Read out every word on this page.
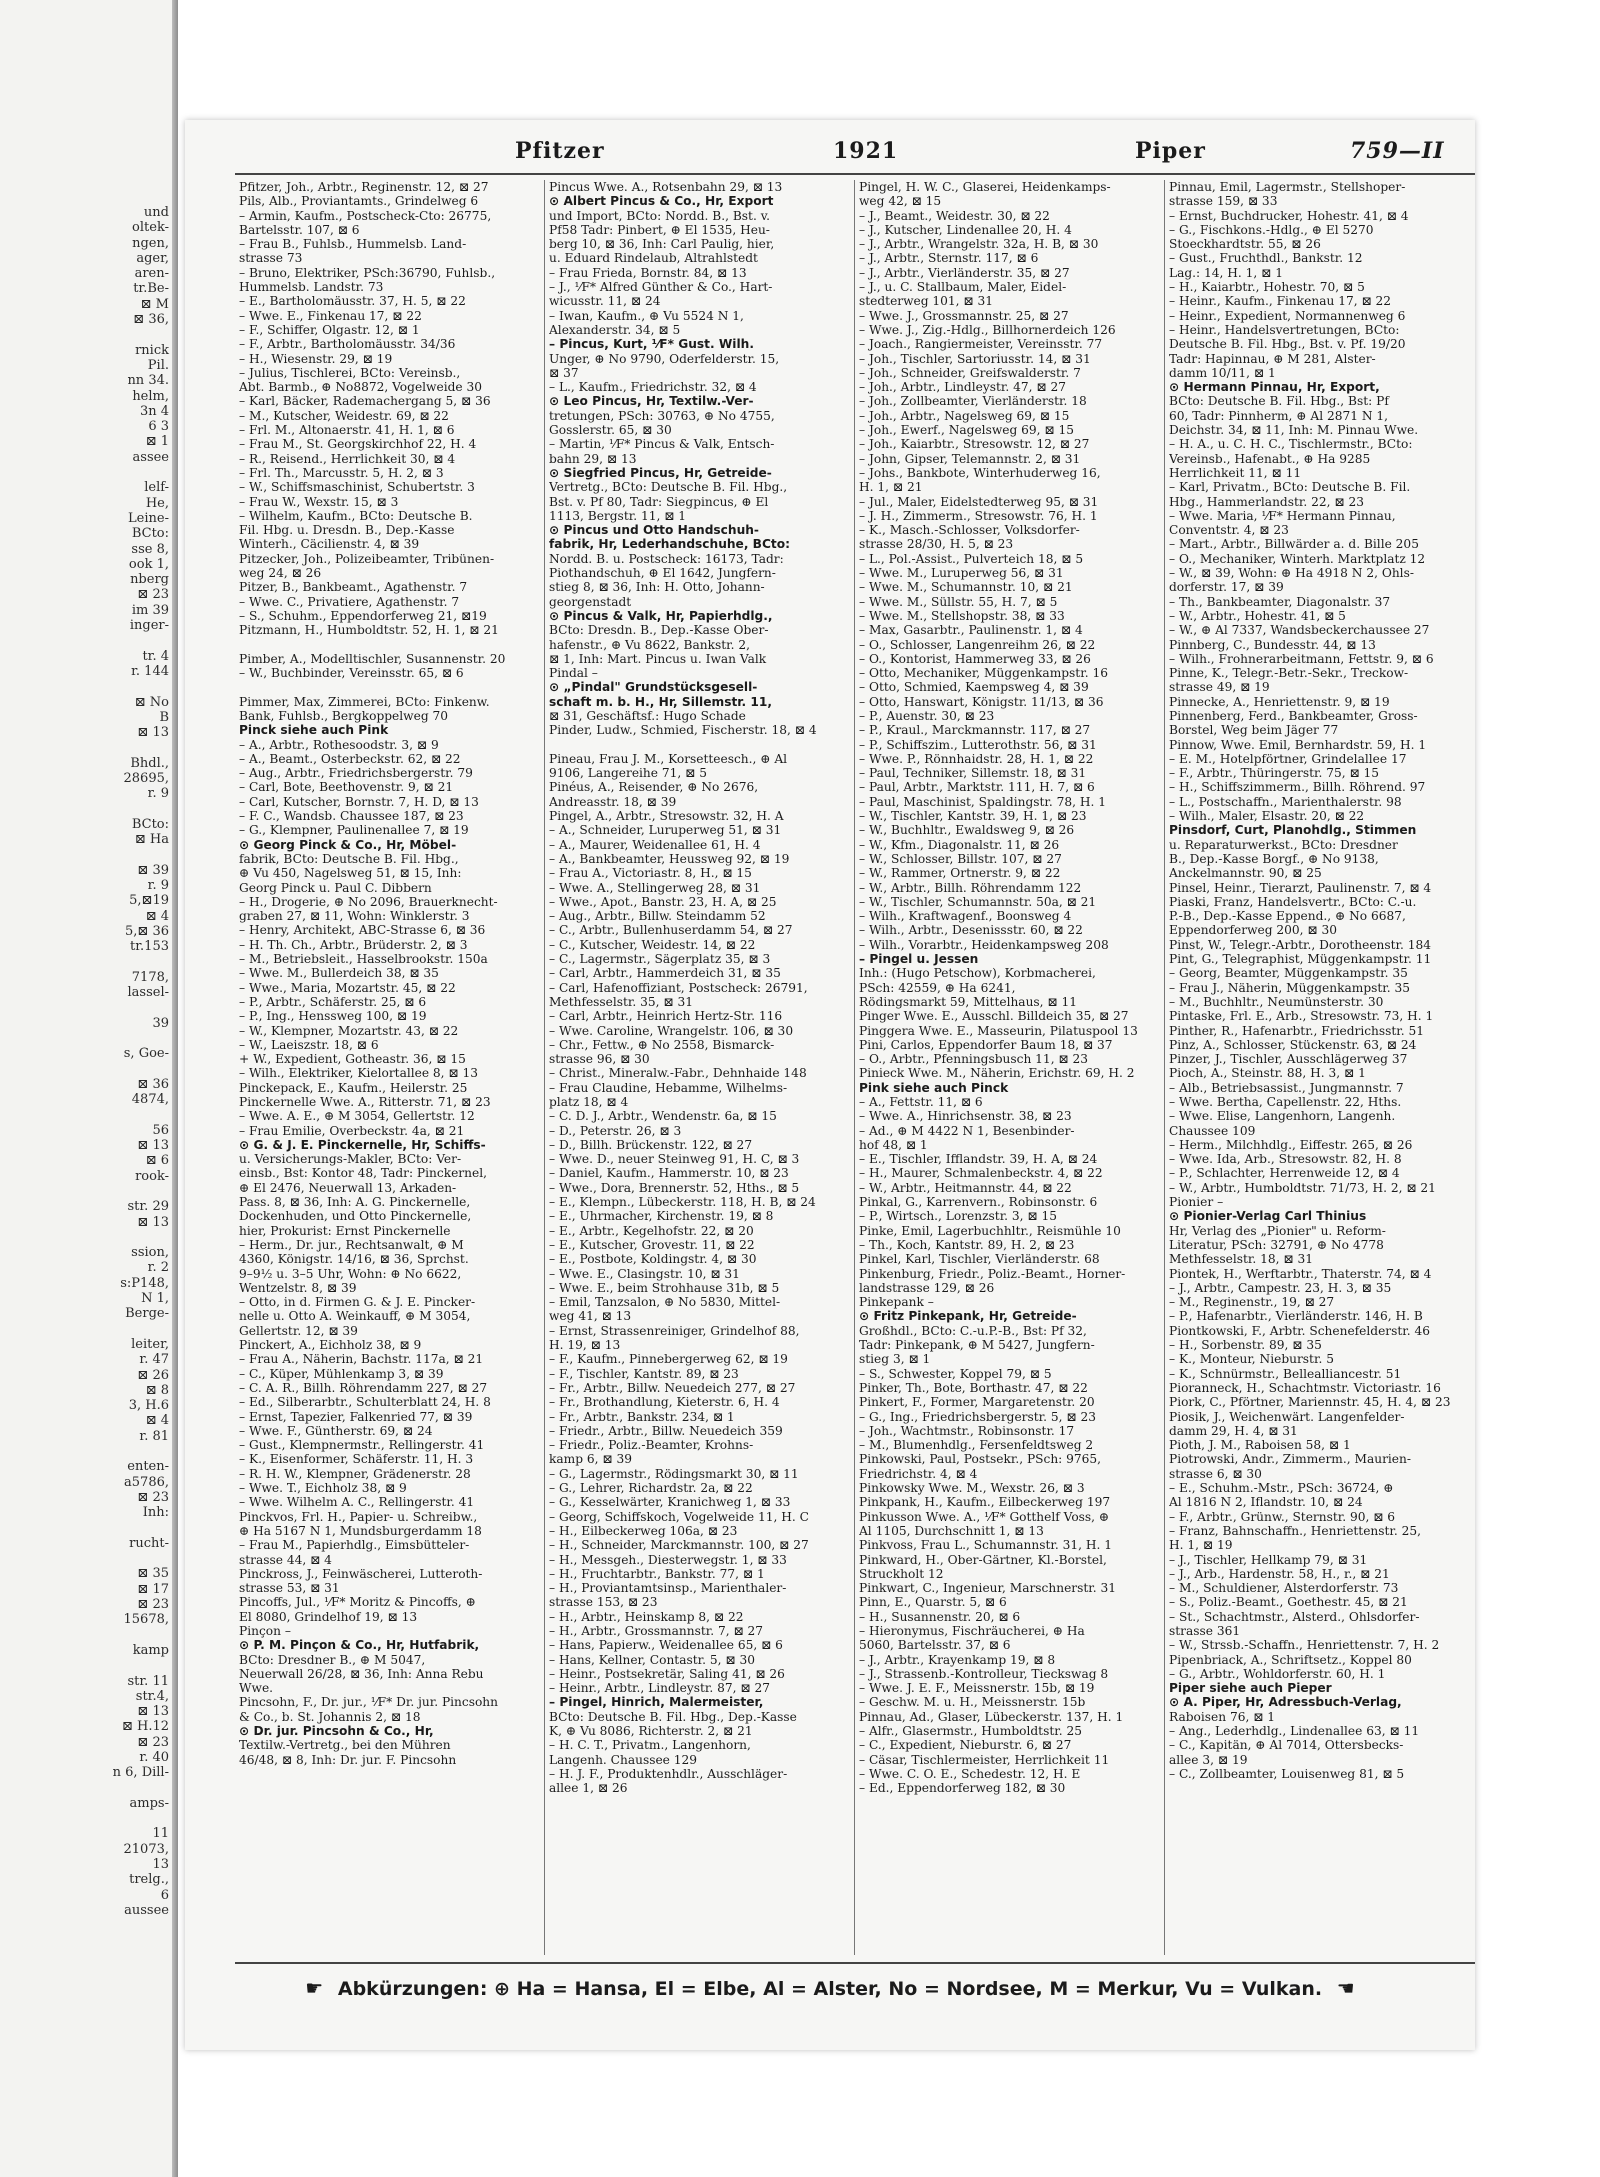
und
oltek-
ngen,
ager,
aren-
tr.Be-
⊠ M
⊠ 36,

rnick
Pil.
nn 34.
helm,
3n 4
6 3
⊠ 1
assee

lelf-
He,
Leine-
BCto:
sse 8,
ook 1,
nberg
⊠ 23
im 39
inger-

tr. 4
r. 144

⊠ No
B
⊠ 13

Bhdl.,
28695,
r. 9

BCto:
⊠ Ha

⊠ 39
r. 9
5,⊠19
⊠ 4
5,⊠ 36
tr.153

7178,
lassel-

39

s, Goe-

⊠ 36
4874,

56
⊠ 13
⊠ 6
rook-

str. 29
⊠ 13

ssion,
r. 2
s:P148,
N 1,
Berge-

leiter,
r. 47
⊠ 26
⊠ 8
3, H.6
⊠ 4
r. 81

enten-
a5786,
⊠ 23
Inh:

rucht-

⊠ 35
⊠ 17
⊠ 23
15678,

kamp

str. 11
str.4,
⊠ 13
⊠ H.12
⊠ 23
r. 40
n 6, Dill-

amps-

11
21073,
13
trelg.,
6
aussee
Pfitzer	1921	Piper	759—II
Pfitzer, Joh., Arbtr., Reginenstr. 12, ⊠ 27
Pils, Alb., Proviantamts., Grindelweg 6
– Armin, Kaufm., Postscheck-Cto: 26775,
Bartelsstr. 107, ⊠ 6
– Frau B., Fuhlsb., Hummelsb. Land-
strasse 73
– Bruno, Elektriker, PSch:36790, Fuhlsb.,
Hummelsb. Landstr. 73
– E., Bartholomäusstr. 37, H. 5, ⊠ 22
– Wwe. E., Finkenau 17, ⊠ 22
– F., Schiffer, Olgastr. 12, ⊠ 1
– F., Arbtr., Bartholomäusstr. 34/36
– H., Wiesenstr. 29, ⊠ 19
– Julius, Tischlerei, BCto: Vereinsb.,
Abt. Barmb., ⊕ No8872, Vogelweide 30
– Karl, Bäcker, Rademachergang 5, ⊠ 36
– M., Kutscher, Weidestr. 69, ⊠ 22
– Frl. M., Altonaerstr. 41, H. 1, ⊠ 6
– Frau M., St. Georgskirchhof 22, H. 4
– R., Reisend., Herrlichkeit 30, ⊠ 4
– Frl. Th., Marcusstr. 5, H. 2, ⊠ 3
– W., Schiffsmaschinist, Schubertstr. 3
– Frau W., Wexstr. 15, ⊠ 3
– Wilhelm, Kaufm., BCto: Deutsche B.
Fil. Hbg. u. Dresdn. B., Dep.-Kasse
Winterh., Cäcilienstr. 4, ⊠ 39
Pitzecker, Joh., Polizeibeamter, Tribünen-
weg 24, ⊠ 26
Pitzer, B., Bankbeamt., Agathenstr. 7
– Wwe. C., Privatiere, Agathenstr. 7
– S., Schuhm., Eppendorferweg 21, ⊠19
Pitzmann, H., Humboldtstr. 52, H. 1, ⊠ 21

Pimber, A., Modelltischler, Susannenstr. 20
– W., Buchbinder, Vereinsstr. 65, ⊠ 6

Pimmer, Max, Zimmerei, BCto: Finkenw.
Bank, Fuhlsb., Bergkoppelweg 70
Pinck siehe auch Pink
– A., Arbtr., Rothesoodstr. 3, ⊠ 9
– A., Beamt., Osterbeckstr. 62, ⊠ 22
– Aug., Arbtr., Friedrichsbergerstr. 79
– Carl, Bote, Beethovenstr. 9, ⊠ 21
– Carl, Kutscher, Bornstr. 7, H. D, ⊠ 13
– F. C., Wandsb. Chaussee 187, ⊠ 23
– G., Klempner, Paulinenallee 7, ⊠ 19
⊙ Georg Pinck & Co., Hr, Möbel-
fabrik, BCto: Deutsche B. Fil. Hbg.,
⊕ Vu 450, Nagelsweg 51, ⊠ 15, Inh:
Georg Pinck u. Paul C. Dibbern
– H., Drogerie, ⊕ No 2096, Brauerknecht-
graben 27, ⊠ 11, Wohn: Winklerstr. 3
– Henry, Architekt, ABC-Strasse 6, ⊠ 36
– H. Th. Ch., Arbtr., Brüderstr. 2, ⊠ 3
– M., Betriebsleit., Hasselbrookstr. 150a
– Wwe. M., Bullerdeich 38, ⊠ 35
– Wwe., Maria, Mozartstr. 45, ⊠ 22
– P., Arbtr., Schäferstr. 25, ⊠ 6
– P., Ing., Henssweg 100, ⊠ 19
– W., Klempner, Mozartstr. 43, ⊠ 22
– W., Laeiszstr. 18, ⊠ 6
+ W., Expedient, Gotheastr. 36, ⊠ 15
– Wilh., Elektriker, Kielortallee 8, ⊠ 13
Pinckepack, E., Kaufm., Heilerstr. 25
Pinckernelle Wwe. A., Ritterstr. 71, ⊠ 23
– Wwe. A. E., ⊕ M 3054, Gellertstr. 12
– Frau Emilie, Overbeckstr. 4a, ⊠ 21
⊙ G. & J. E. Pinckernelle, Hr, Schiffs-
u. Versicherungs-Makler, BCto: Ver-
einsb., Bst: Kontor 48, Tadr: Pinckernel,
⊕ El 2476, Neuerwall 13, Arkaden-
Pass. 8, ⊠ 36, Inh: A. G. Pinckernelle,
Dockenhuden, und Otto Pinckernelle,
hier, Prokurist: Ernst Pinckernelle
– Herm., Dr. jur., Rechtsanwalt, ⊕ M
4360, Königstr. 14/16, ⊠ 36, Sprchst.
9–9½ u. 3–5 Uhr, Wohn: ⊕ No 6622,
Wentzelstr. 8, ⊠ 39
– Otto, in d. Firmen G. & J. E. Pincker-
nelle u. Otto A. Weinkauff, ⊕ M 3054,
Gellertstr. 12, ⊠ 39
Pinckert, A., Eichholz 38, ⊠ 9
– Frau A., Näherin, Bachstr. 117a, ⊠ 21
– C., Küper, Mühlenkamp 3, ⊠ 39
– C. A. R., Billh. Röhrendamm 227, ⊠ 27
– Ed., Silberarbtr., Schulterblatt 24, H. 8
– Ernst, Tapezier, Falkenried 77, ⊠ 39
– Wwe. F., Güntherstr. 69, ⊠ 24
– Gust., Klempnermstr., Rellingerstr. 41
– K., Eisenformer, Schäferstr. 11, H. 3
– R. H. W., Klempner, Grädenerstr. 28
– Wwe. T., Eichholz 38, ⊠ 9
– Wwe. Wilhelm A. C., Rellingerstr. 41
Pinckvos, Frl. H., Papier- u. Schreibw.,
⊕ Ha 5167 N 1, Mundsburgerdamm 18
– Frau M., Papierhdlg., Eimsbütteler-
strasse 44, ⊠ 4
Pinckross, J., Feinwäscherei, Lutteroth-
strasse 53, ⊠ 31
Pincoffs, Jul., ⅟F* Moritz & Pincoffs, ⊕
El 8080, Grindelhof 19, ⊠ 13
Pinçon –
⊙ P. M. Pinçon & Co., Hr, Hutfabrik,
BCto: Dresdner B., ⊕ M 5047,
Neuerwall 26/28, ⊠ 36, Inh: Anna Rebu
Wwe.
Pincsohn, F., Dr. jur., ⅟F* Dr. jur. Pincsohn
& Co., b. St. Johannis 2, ⊠ 18
⊙ Dr. jur. Pincsohn & Co., Hr,
Textilw.-Vertretg., bei den Mühren
46/48, ⊠ 8, Inh: Dr. jur. F. Pincsohn
Pincus Wwe. A., Rotsenbahn 29, ⊠ 13
⊙ Albert Pincus & Co., Hr, Export
und Import, BCto: Nordd. B., Bst. v.
Pf58 Tadr: Pinbert, ⊕ El 1535, Heu-
berg 10, ⊠ 36, Inh: Carl Paulig, hier,
u. Eduard Rindelaub, Altrahlstedt
– Frau Frieda, Bornstr. 84, ⊠ 13
– J., ⅟F* Alfred Günther & Co., Hart-
wicusstr. 11, ⊠ 24
– Iwan, Kaufm., ⊕ Vu 5524 N 1,
Alexanderstr. 34, ⊠ 5
– Pincus, Kurt, ⅟F* Gust. Wilh.
Unger, ⊕ No 9790, Oderfelderstr. 15,
⊠ 37
– L., Kaufm., Friedrichstr. 32, ⊠ 4
⊙ Leo Pincus, Hr, Textilw.-Ver-
tretungen, PSch: 30763, ⊕ No 4755,
Gosslerstr. 65, ⊠ 30
– Martin, ⅟F* Pincus & Valk, Entsch-
bahn 29, ⊠ 13
⊙ Siegfried Pincus, Hr, Getreide-
Vertretg., BCto: Deutsche B. Fil. Hbg.,
Bst. v. Pf 80, Tadr: Siegpincus, ⊕ El
1113, Bergstr. 11, ⊠ 1
⊙ Pincus und Otto Handschuh-
fabrik, Hr, Lederhandschuhe, BCto:
Nordd. B. u. Postscheck: 16173, Tadr:
Piothandschuh, ⊕ El 1642, Jungfern-
stieg 8, ⊠ 36, Inh: H. Otto, Johann-
georgenstadt
⊙ Pincus & Valk, Hr, Papierhdlg.,
BCto: Dresdn. B., Dep.-Kasse Ober-
hafenstr., ⊕ Vu 8622, Bankstr. 2,
⊠ 1, Inh: Mart. Pincus u. Iwan Valk
Pindal –
⊙ „Pindal" Grundstücksgesell-
schaft m. b. H., Hr, Sillemstr. 11,
⊠ 31, Geschäftsf.: Hugo Schade
Pinder, Ludw., Schmied, Fischerstr. 18, ⊠ 4

Pineau, Frau J. M., Korsetteesch., ⊕ Al
9106, Langereihe 71, ⊠ 5
Pinéus, A., Reisender, ⊕ No 2676,
Andreasstr. 18, ⊠ 39
Pingel, A., Arbtr., Stresowstr. 32, H. A
– A., Schneider, Luruperweg 51, ⊠ 31
– A., Maurer, Weidenallee 61, H. 4
– A., Bankbeamter, Heussweg 92, ⊠ 19
– Frau A., Victoriastr. 8, H., ⊠ 15
– Wwe. A., Stellingerweg 28, ⊠ 31
– Wwe., Apot., Banstr. 23, H. A, ⊠ 25
– Aug., Arbtr., Billw. Steindamm 52
– C., Arbtr., Bullenhuserdamm 54, ⊠ 27
– C., Kutscher, Weidestr. 14, ⊠ 22
– C., Lagermstr., Sägerplatz 35, ⊠ 3
– Carl, Arbtr., Hammerdeich 31, ⊠ 35
– Carl, Hafenoffiziant, Postscheck: 26791,
Methfesselstr. 35, ⊠ 31
– Carl, Arbtr., Heinrich Hertz-Str. 116
– Wwe. Caroline, Wrangelstr. 106, ⊠ 30
– Chr., Fettw., ⊕ No 2558, Bismarck-
strasse 96, ⊠ 30
– Christ., Mineralw.-Fabr., Dehnhaide 148
– Frau Claudine, Hebamme, Wilhelms-
platz 18, ⊠ 4
– C. D. J., Arbtr., Wendenstr. 6a, ⊠ 15
– D., Peterstr. 26, ⊠ 3
– D., Billh. Brückenstr. 122, ⊠ 27
– Wwe. D., neuer Steinweg 91, H. C, ⊠ 3
– Daniel, Kaufm., Hammerstr. 10, ⊠ 23
– Wwe., Dora, Brennerstr. 52, Hths., ⊠ 5
– E., Klempn., Lübeckerstr. 118, H. B, ⊠ 24
– E., Uhrmacher, Kirchenstr. 19, ⊠ 8
– E., Arbtr., Kegelhofstr. 22, ⊠ 20
– E., Kutscher, Grovestr. 11, ⊠ 22
– E., Postbote, Koldingstr. 4, ⊠ 30
– Wwe. E., Clasingstr. 10, ⊠ 31
– Wwe. E., beim Strohhause 31b, ⊠ 5
– Emil, Tanzsalon, ⊕ No 5830, Mittel-
weg 41, ⊠ 13
– Ernst, Strassenreiniger, Grindelhof 88,
H. 19, ⊠ 13
– F., Kaufm., Pinnebergerweg 62, ⊠ 19
– F., Tischler, Kantstr. 89, ⊠ 23
– Fr., Arbtr., Billw. Neuedeich 277, ⊠ 27
– Fr., Brothandlung, Kieterstr. 6, H. 4
– Fr., Arbtr., Bankstr. 234, ⊠ 1
– Friedr., Arbtr., Billw. Neuedeich 359
– Friedr., Poliz.-Beamter, Krohns-
kamp 6, ⊠ 39
– G., Lagermstr., Rödingsmarkt 30, ⊠ 11
– G., Lehrer, Richardstr. 2a, ⊠ 22
– G., Kesselwärter, Kranichweg 1, ⊠ 33
– Georg, Schiffskoch, Vogelweide 11, H. C
– H., Eilbeckerweg 106a, ⊠ 23
– H., Schneider, Marckmannstr. 100, ⊠ 27
– H., Messgeh., Diesterwegstr. 1, ⊠ 33
– H., Fruchtarbtr., Bankstr. 77, ⊠ 1
– H., Proviantamtsinsp., Marienthaler-
strasse 153, ⊠ 23
– H., Arbtr., Heinskamp 8, ⊠ 22
– H., Arbtr., Grossmannstr. 7, ⊠ 27
– Hans, Papierw., Weidenallee 65, ⊠ 6
– Hans, Kellner, Contastr. 5, ⊠ 30
– Heinr., Postsekretär, Saling 41, ⊠ 26
– Heinr., Arbtr., Lindleystr. 87, ⊠ 27
– Pingel, Hinrich, Malermeister,
BCto: Deutsche B. Fil. Hbg., Dep.-Kasse
K, ⊕ Vu 8086, Richterstr. 2, ⊠ 21
– H. C. T., Privatm., Langenhorn,
Langenh. Chaussee 129
– H. J. F., Produktenhdlr., Ausschläger-
allee 1, ⊠ 26
Pingel, H. W. C., Glaserei, Heidenkamps-
weg 42, ⊠ 15
– J., Beamt., Weidestr. 30, ⊠ 22
– J., Kutscher, Lindenallee 20, H. 4
– J., Arbtr., Wrangelstr. 32a, H. B, ⊠ 30
– J., Arbtr., Sternstr. 117, ⊠ 6
– J., Arbtr., Vierländerstr. 35, ⊠ 27
– J., u. C. Stallbaum, Maler, Eidel-
stedterweg 101, ⊠ 31
– Wwe. J., Grossmannstr. 25, ⊠ 27
– Wwe. J., Zig.-Hdlg., Billhornerdeich 126
– Joach., Rangiermeister, Vereinsstr. 77
– Joh., Tischler, Sartoriusstr. 14, ⊠ 31
– Joh., Schneider, Greifswalderstr. 7
– Joh., Arbtr., Lindleystr. 47, ⊠ 27
– Joh., Zollbeamter, Vierländerstr. 18
– Joh., Arbtr., Nagelsweg 69, ⊠ 15
– Joh., Ewerf., Nagelsweg 69, ⊠ 15
– Joh., Kaiarbtr., Stresowstr. 12, ⊠ 27
– John, Gipser, Telemannstr. 2, ⊠ 31
– Johs., Bankbote, Winterhuderweg 16,
H. 1, ⊠ 21
– Jul., Maler, Eidelstedterweg 95, ⊠ 31
– J. H., Zimmerm., Stresowstr. 76, H. 1
– K., Masch.-Schlosser, Volksdorfer-
strasse 28/30, H. 5, ⊠ 23
– L., Pol.-Assist., Pulverteich 18, ⊠ 5
– Wwe. M., Luruperweg 56, ⊠ 31
– Wwe. M., Schumannstr. 10, ⊠ 21
– Wwe. M., Süllstr. 55, H. 7, ⊠ 5
– Wwe. M., Stellshopstr. 38, ⊠ 33
– Max, Gasarbtr., Paulinenstr. 1, ⊠ 4
– O., Schlosser, Langenreihm 26, ⊠ 22
– O., Kontorist, Hammerweg 33, ⊠ 26
– Otto, Mechaniker, Müggenkampstr. 16
– Otto, Schmied, Kaempsweg 4, ⊠ 39
– Otto, Hanswart, Königstr. 11/13, ⊠ 36
– P., Auenstr. 30, ⊠ 23
– P., Kraul., Marckmannstr. 117, ⊠ 27
– P., Schiffszim., Lutterothstr. 56, ⊠ 31
– Wwe. P., Rönnhaidstr. 28, H. 1, ⊠ 22
– Paul, Techniker, Sillemstr. 18, ⊠ 31
– Paul, Arbtr., Marktstr. 111, H. 7, ⊠ 6
– Paul, Maschinist, Spaldingstr. 78, H. 1
– W., Tischler, Kantstr. 39, H. 1, ⊠ 23
– W., Buchhltr., Ewaldsweg 9, ⊠ 26
– W., Kfm., Diagonalstr. 11, ⊠ 26
– W., Schlosser, Billstr. 107, ⊠ 27
– W., Rammer, Ortnerstr. 9, ⊠ 22
– W., Arbtr., Billh. Röhrendamm 122
– W., Tischler, Schumannstr. 50a, ⊠ 21
– Wilh., Kraftwagenf., Boonsweg 4
– Wilh., Arbtr., Desenissstr. 60, ⊠ 22
– Wilh., Vorarbtr., Heidenkampsweg 208
– Pingel u. Jessen
Inh.: (Hugo Petschow), Korbmacherei,
PSch: 42559, ⊕ Ha 6241,
Rödingsmarkt 59, Mittelhaus, ⊠ 11
Pinger Wwe. E., Ausschl. Billdeich 35, ⊠ 27
Pinggera Wwe. E., Masseurin, Pilatuspool 13
Pini, Carlos, Eppendorfer Baum 18, ⊠ 37
– O., Arbtr., Pfenningsbusch 11, ⊠ 23
Pinieck Wwe. M., Näherin, Erichstr. 69, H. 2
Pink siehe auch Pinck
– A., Fettstr. 11, ⊠ 6
– Wwe. A., Hinrichsenstr. 38, ⊠ 23
– Ad., ⊕ M 4422 N 1, Besenbinder-
hof 48, ⊠ 1
– E., Tischler, Ifflandstr. 39, H. A, ⊠ 24
– H., Maurer, Schmalenbeckstr. 4, ⊠ 22
– W., Arbtr., Heitmannstr. 44, ⊠ 22
Pinkal, G., Karrenvern., Robinsonstr. 6
– P., Wirtsch., Lorenzstr. 3, ⊠ 15
Pinke, Emil, Lagerbuchhltr., Reismühle 10
– Th., Koch, Kantstr. 89, H. 2, ⊠ 23
Pinkel, Karl, Tischler, Vierländerstr. 68
Pinkenburg, Friedr., Poliz.-Beamt., Horner-
landstrasse 129, ⊠ 26
Pinkepank –
⊙ Fritz Pinkepank, Hr, Getreide-
Großhdl., BCto: C.-u.P.-B., Bst: Pf 32,
Tadr: Pinkepank, ⊕ M 5427, Jungfern-
stieg 3, ⊠ 1
– S., Schwester, Koppel 79, ⊠ 5
Pinker, Th., Bote, Borthastr. 47, ⊠ 22
Pinkert, F., Former, Margaretenstr. 20
– G., Ing., Friedrichsbergerstr. 5, ⊠ 23
– Joh., Wachtmstr., Robinsonstr. 17
– M., Blumenhdlg., Fersenfeldtsweg 2
Pinkowski, Paul, Postsekr., PSch: 9765,
Friedrichstr. 4, ⊠ 4
Pinkowsky Wwe. M., Wexstr. 26, ⊠ 3
Pinkpank, H., Kaufm., Eilbeckerweg 197
Pinkusson Wwe. A., ⅟F* Gotthelf Voss, ⊕
Al 1105, Durchschnitt 1, ⊠ 13
Pinkvoss, Frau L., Schumannstr. 31, H. 1
Pinkward, H., Ober-Gärtner, Kl.-Borstel,
Struckholt 12
Pinkwart, C., Ingenieur, Marschnerstr. 31
Pinn, E., Quarstr. 5, ⊠ 6
– H., Susannenstr. 20, ⊠ 6
– Hieronymus, Fischräucherei, ⊕ Ha
5060, Bartelsstr. 37, ⊠ 6
– J., Arbtr., Krayenkamp 19, ⊠ 8
– J., Strassenb.-Kontrolleur, Tieckswag 8
– Wwe. J. E. F., Meissnerstr. 15b, ⊠ 19
– Geschw. M. u. H., Meissnerstr. 15b
Pinnau, Ad., Glaser, Lübeckerstr. 137, H. 1
– Alfr., Glasermstr., Humboldtstr. 25
– C., Expedient, Nieburstr. 6, ⊠ 27
– Cäsar, Tischlermeister, Herrlichkeit 11
– Wwe. C. O. E., Schedestr. 12, H. E
– Ed., Eppendorferweg 182, ⊠ 30
Pinnau, Emil, Lagermstr., Stellshoper-
strasse 159, ⊠ 33
– Ernst, Buchdrucker, Hohestr. 41, ⊠ 4
– G., Fischkons.-Hdlg., ⊕ El 5270
Stoeckhardtstr. 55, ⊠ 26
– Gust., Fruchthdl., Bankstr. 12
Lag.: 14, H. 1, ⊠ 1
– H., Kaiarbtr., Hohestr. 70, ⊠ 5
– Heinr., Kaufm., Finkenau 17, ⊠ 22
– Heinr., Expedient, Normannenweg 6
– Heinr., Handelsvertretungen, BCto:
Deutsche B. Fil. Hbg., Bst. v. Pf. 19/20
Tadr: Hapinnau, ⊕ M 281, Alster-
damm 10/11, ⊠ 1
⊙ Hermann Pinnau, Hr, Export,
BCto: Deutsche B. Fil. Hbg., Bst: Pf
60, Tadr: Pinnherm, ⊕ Al 2871 N 1,
Deichstr. 34, ⊠ 11, Inh: M. Pinnau Wwe.
– H. A., u. C. H. C., Tischlermstr., BCto:
Vereinsb., Hafenabt., ⊕ Ha 9285
Herrlichkeit 11, ⊠ 11
– Karl, Privatm., BCto: Deutsche B. Fil.
Hbg., Hammerlandstr. 22, ⊠ 23
– Wwe. Maria, ⅟F* Hermann Pinnau,
Conventstr. 4, ⊠ 23
– Mart., Arbtr., Billwärder a. d. Bille 205
– O., Mechaniker, Winterh. Marktplatz 12
– W., ⊠ 39, Wohn: ⊕ Ha 4918 N 2, Ohls-
dorferstr. 17, ⊠ 39
– Th., Bankbeamter, Diagonalstr. 37
– W., Arbtr., Hohestr. 41, ⊠ 5
– W., ⊕ Al 7337, Wandsbeckerchaussee 27
Pinnberg, C., Bundesstr. 44, ⊠ 13
– Wilh., Frohnerarbeitmann, Fettstr. 9, ⊠ 6
Pinne, K., Telegr.-Betr.-Sekr., Treckow-
strasse 49, ⊠ 19
Pinnecke, A., Henriettenstr. 9, ⊠ 19
Pinnenberg, Ferd., Bankbeamter, Gross-
Borstel, Weg beim Jäger 77
Pinnow, Wwe. Emil, Bernhardstr. 59, H. 1
– E. M., Hotelpförtner, Grindelallee 17
– F., Arbtr., Thüringerstr. 75, ⊠ 15
– H., Schiffszimmerm., Billh. Röhrend. 97
– L., Postschaffn., Marienthalerstr. 98
– Wilh., Maler, Elsastr. 20, ⊠ 22
Pinsdorf, Curt, Planohdlg., Stimmen
u. Reparaturwerkst., BCto: Dresdner
B., Dep.-Kasse Borgf., ⊕ No 9138,
Anckelmannstr. 90, ⊠ 25
Pinsel, Heinr., Tierarzt, Paulinenstr. 7, ⊠ 4
Piaski, Franz, Handelsvertr., BCto: C.-u.
P.-B., Dep.-Kasse Eppend., ⊕ No 6687,
Eppendorferweg 200, ⊠ 30
Pinst, W., Telegr.-Arbtr., Dorotheenstr. 184
Pint, G., Telegraphist, Müggenkampstr. 11
– Georg, Beamter, Müggenkampstr. 35
– Frau J., Näherin, Müggenkampstr. 35
– M., Buchhltr., Neumünsterstr. 30
Pintaske, Frl. E., Arb., Stresowstr. 73, H. 1
Pinther, R., Hafenarbtr., Friedrichsstr. 51
Pinz, A., Schlosser, Stückenstr. 63, ⊠ 24
Pinzer, J., Tischler, Ausschlägerweg 37
Pioch, A., Steinstr. 88, H. 3, ⊠ 1
– Alb., Betriebsassist., Jungmannstr. 7
– Wwe. Bertha, Capellenstr. 22, Hths.
– Wwe. Elise, Langenhorn, Langenh.
Chaussee 109
– Herm., Milchhdlg., Eiffestr. 265, ⊠ 26
– Wwe. Ida, Arb., Stresowstr. 82, H. 8
– P., Schlachter, Herrenweide 12, ⊠ 4
– W., Arbtr., Humboldtstr. 71/73, H. 2, ⊠ 21
Pionier –
⊙ Pionier-Verlag Carl Thinius
Hr, Verlag des „Pionier" u. Reform-
Literatur, PSch: 32791, ⊕ No 4778
Methfesselstr. 18, ⊠ 31
Piontek, H., Werftarbtr., Thaterstr. 74, ⊠ 4
– J., Arbtr., Campestr. 23, H. 3, ⊠ 35
– M., Reginenstr., 19, ⊠ 27
– P., Hafenarbtr., Vierländerstr. 146, H. B
Piontkowski, F., Arbtr. Schenefelderstr. 46
– H., Sorbenstr. 89, ⊠ 35
– K., Monteur, Nieburstr. 5
– K., Schnürmstr., Bellealliancestr. 51
Pioranneck, H., Schachtmstr. Victoriastr. 16
Piork, C., Pförtner, Mariennstr. 45, H. 4, ⊠ 23
Piosik, J., Weichenwärt. Langenfelder-
damm 29, H. 4, ⊠ 31
Pioth, J. M., Raboisen 58, ⊠ 1
Piotrowski, Andr., Zimmerm., Maurien-
strasse 6, ⊠ 30
– E., Schuhm.-Mstr., PSch: 36724, ⊕
Al 1816 N 2, Iflandstr. 10, ⊠ 24
– F., Arbtr., Grünw., Sternstr. 90, ⊠ 6
– Franz, Bahnschaffn., Henriettenstr. 25,
H. 1, ⊠ 19
– J., Tischler, Hellkamp 79, ⊠ 31
– J., Arb., Hardenstr. 58, H., r., ⊠ 21
– M., Schuldiener, Alsterdorferstr. 73
– S., Poliz.-Beamt., Goethestr. 45, ⊠ 21
– St., Schachtmstr., Alsterd., Ohlsdorfer-
strasse 361
– W., Strssb.-Schaffn., Henriettenstr. 7, H. 2
Pipenbriack, A., Schriftsetz., Koppel 80
– G., Arbtr., Wohldorferstr. 60, H. 1
Piper siehe auch Pieper
⊙ A. Piper, Hr, Adressbuch-Verlag,
Raboisen 76, ⊠ 1
– Ang., Lederhdlg., Lindenallee 63, ⊠ 11
– C., Kapitän, ⊕ Al 7014, Ottersbecks-
allee 3, ⊠ 19
– C., Zollbeamter, Louisenweg 81, ⊠ 5
☛ Abkürzungen: ⊕ Ha = Hansa, El = Elbe, Al = Alster, No = Nordsee, M = Merkur, Vu = Vulkan. ☚
